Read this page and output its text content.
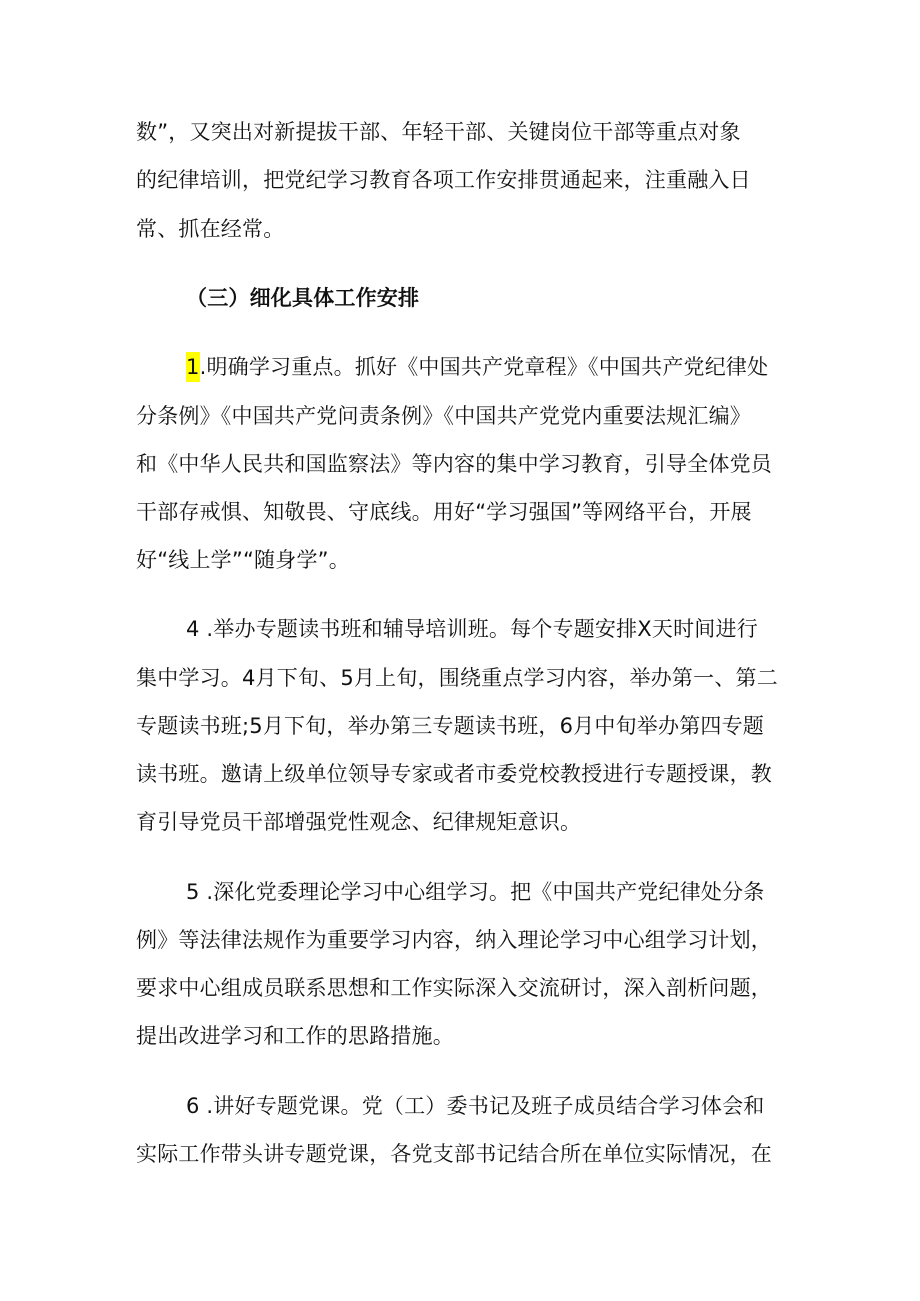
数”，又突出对新提拔干部、年轻干部、关键岗位干部等重点对象
的纪律培训，把党纪学习教育各项工作安排贯通起来，注重融入日
常、抓在经常。
（三）细化具体工作安排
1.明确学习重点。抓好《中国共产党章程》《中国共产党纪律处
分条例》《中国共产党问责条例》《中国共产党党内重要法规汇编》
和《中华人民共和国监察法》等内容的集中学习教育，引导全体党员
干部存戒惧、知敬畏、守底线。用好“学习强国”等网络平台，开展
好“线上学”“随身学”。
4 .举办专题读书班和辅导培训班。每个专题安排X天时间进行
集中学习。4月下旬、5月上旬，围绕重点学习内容，举办第一、第二
专题读书班;5月下旬，举办第三专题读书班，6月中旬举办第四专题
读书班。邀请上级单位领导专家或者市委党校教授进行专题授课，教
育引导党员干部增强党性观念、纪律规矩意识。
5 .深化党委理论学习中心组学习。把《中国共产党纪律处分条
例》等法律法规作为重要学习内容，纳入理论学习中心组学习计划，
要求中心组成员联系思想和工作实际深入交流研讨，深入剖析问题，
提出改进学习和工作的思路措施。
6 .讲好专题党课。党（工）委书记及班子成员结合学习体会和
实际工作带头讲专题党课，各党支部书记结合所在单位实际情况，在
